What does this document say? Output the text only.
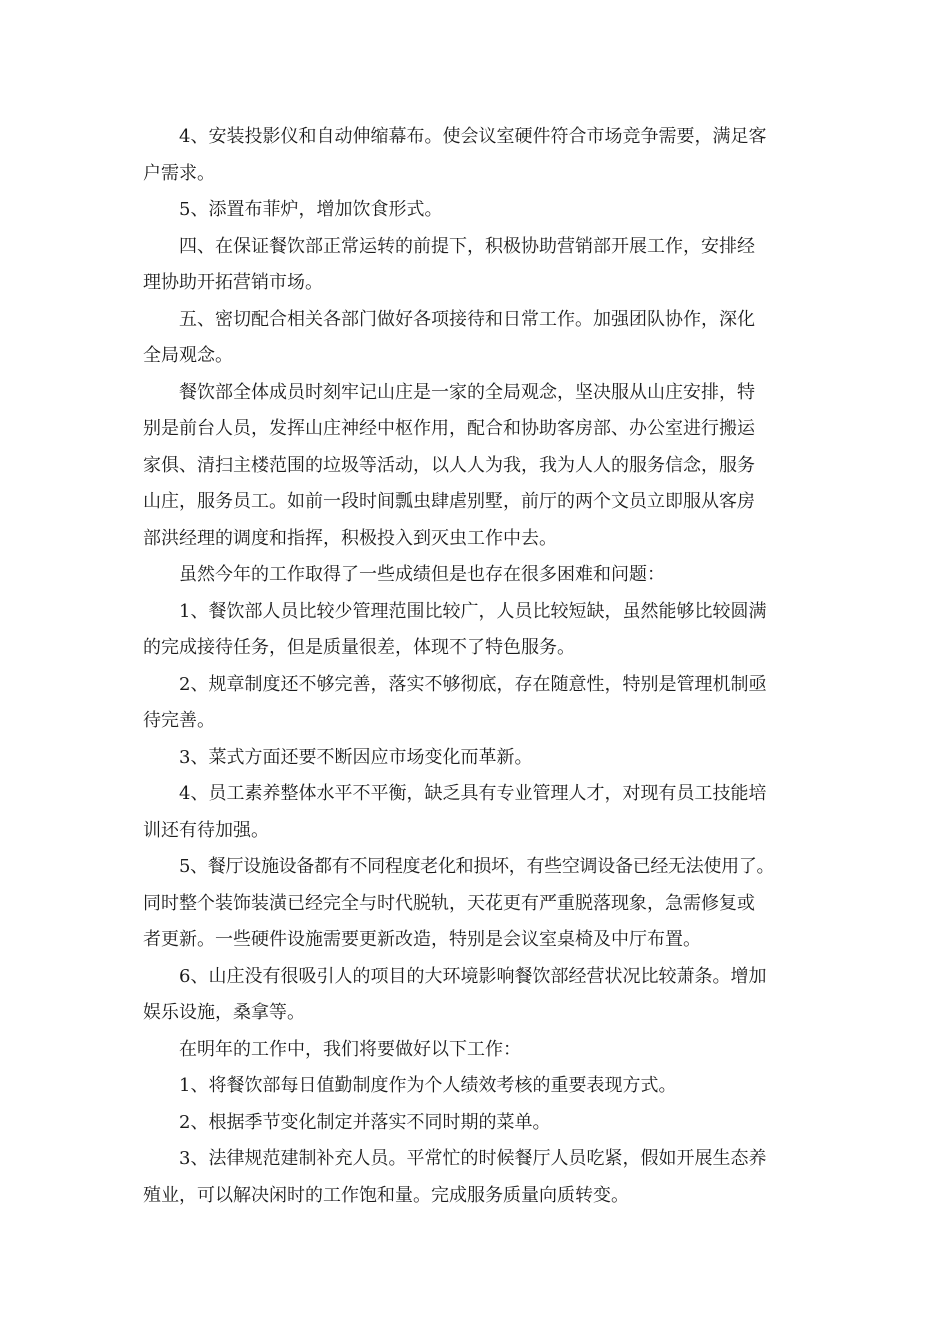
4、安装投影仪和自动伸缩幕布。使会议室硬件符合市场竞争需要，满足客
户需求。

5、添置布菲炉，增加饮食形式。

四、在保证餐饮部正常运转的前提下，积极协助营销部开展工作，安排经
理协助开拓营销市场。

五、密切配合相关各部门做好各项接待和日常工作。加强团队协作，深化
全局观念。

餐饮部全体成员时刻牢记山庄是一家的全局观念，坚决服从山庄安排，特
别是前台人员，发挥山庄神经中枢作用，配合和协助客房部、办公室进行搬运
家俱、清扫主楼范围的垃圾等活动，以人人为我，我为人人的服务信念，服务
山庄，服务员工。如前一段时间瓢虫肆虐别墅，前厅的两个文员立即服从客房
部洪经理的调度和指挥，积极投入到灭虫工作中去。

虽然今年的工作取得了一些成绩但是也存在很多困难和问题：

1、餐饮部人员比较少管理范围比较广，人员比较短缺，虽然能够比较圆满
的完成接待任务，但是质量很差，体现不了特色服务。

2、规章制度还不够完善，落实不够彻底，存在随意性，特别是管理机制亟
待完善。

3、菜式方面还要不断因应市场变化而革新。

4、员工素养整体水平不平衡，缺乏具有专业管理人才，对现有员工技能培
训还有待加强。

5、餐厅设施设备都有不同程度老化和损坏，有些空调设备已经无法使用了。
同时整个装饰装潢已经完全与时代脱轨，天花更有严重脱落现象，急需修复或
者更新。一些硬件设施需要更新改造，特别是会议室桌椅及中厅布置。

6、山庄没有很吸引人的项目的大环境影响餐饮部经营状况比较萧条。增加
娱乐设施，桑拿等。

在明年的工作中，我们将要做好以下工作：

1、将餐饮部每日值勤制度作为个人绩效考核的重要表现方式。

2、根据季节变化制定并落实不同时期的菜单。

3、法律规范建制补充人员。平常忙的时候餐厅人员吃紧，假如开展生态养
殖业，可以解决闲时的工作饱和量。完成服务质量向质转变。
